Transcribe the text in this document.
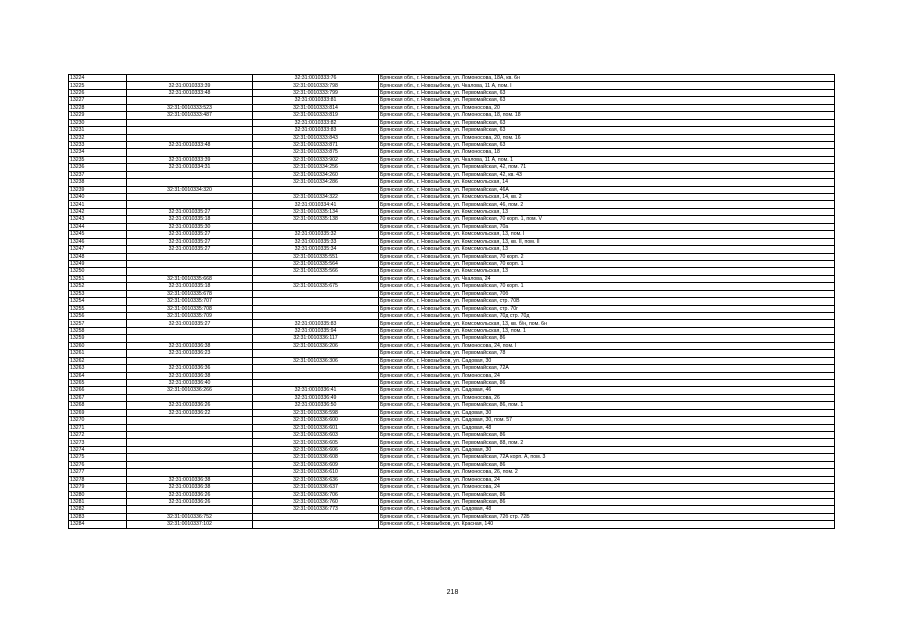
13224		32:31:0010333:76	Брянская обл., г. Новозыбков, ул. Ломоносова, 18А, кв. 6н
13225	32:31:0010333:39	32:31:0010333:798	Брянская обл., г. Новозыбков, ул. Чкалова, 11 А, пом. I
13226	32:31:0010333:48	32:31:0010333:799	Брянская обл., г. Новозыбков, ул. Первомайская, 63
13227		32:31:0010333:81	Брянская обл., г. Новозыбков, ул. Первомайская, 63
13228	32:31:0010333:523	32:31:0010333:814	Брянская обл., г. Новозыбков, ул. Ломоносова, 20
13229	32:31:0010333:487	32:31:0010333:819	Брянская обл., г. Новозыбков, ул. Ломоносова, 18, пом. 18
13230		32:31:0010333:82	Брянская обл., г. Новозыбков, ул. Первомайская, 63
13231		32:31:0010333:83	Брянская обл., г. Новозыбков, ул. Первомайская, 63
13232		32:31:0010333:843	Брянская обл., г. Новозыбков, ул. Ломоносова, 20, пом. 16
13233	32:31:0010333:48	32:31:0010333:871	Брянская обл., г. Новозыбков, ул. Первомайская, 63
13234		32:31:0010333:875	Брянская обл., г. Новозыбков, ул. Ломоносова, 18
13235	32:31:0010333:39	32:31:0010333:902	Брянская обл., г. Новозыбков, ул. Чкалова, 11 А, пом. 1
13236	32:31:0010334:31	32:31:0010334:256	Брянская обл., г. Новозыбков, ул. Первомайская, 42, пом. 71
13237		32:31:0010334:260	Брянская обл., г. Новозыбков, ул. Первомайская, 42, кв. 43
13238		32:31:0010334:286	Брянская обл., г. Новозыбков, ул. Комсомольская, 14
13239	32:31:0010334:320		Брянская обл., г. Новозыбков, ул. Первомайская, 46А
13240		32:31:0010334:322	Брянская обл., г. Новозыбков, ул. Комсомольская, 14, кв. 2
13241		32:31:0010334:41	Брянская обл., г. Новозыбков, ул. Первомайская, 46, пом. 2
13242	32:31:0010335:27	32:31:0010335:134	Брянская обл., г. Новозыбков, ул. Комсомольская, 13
13243	32:31:0010335:18	32:31:0010335:138	Брянская обл., г. Новозыбков, ул. Первомайская, 70 корп. 1, пом. V
13244	32:31:0010335:30		Брянская обл., г. Новозыбков, ул. Первомайская, 70а
13245	32:31:0010335:27	32:31:0010335:32	Брянская обл., г. Новозыбков, ул. Комсомольская, 13, пом. I
13246	32:31:0010335:27	32:31:0010335:33	Брянская обл., г. Новозыбков, ул. Комсомольская, 13, кв. II, пом. II
13247	32:31:0010335:27	32:31:0010335:34	Брянская обл., г. Новозыбков, ул. Комсомольская, 13
13248		32:31:0010335:551	Брянская обл., г. Новозыбков, ул. Первомайская, 70 корп. 2
13249		32:31:0010335:564	Брянская обл., г. Новозыбков, ул. Первомайская, 70 корп. 1
13250		32:31:0010335:566	Брянская обл., г. Новозыбков, ул. Комсомольская, 13
13251	32:31:0010335:668		Брянская обл., г. Новозыбков, ул. Чкалова, 24
13252	32:31:0010335:18	32:31:0010335:675	Брянская обл., г. Новозыбков, ул. Первомайская, 70 корп. 1
13253	32:31:0010335:678		Брянская обл., г. Новозыбков, ул. Первомайская, 70б
13254	32:31:0010335:707		Брянская обл., г. Новозыбков, ул. Первомайская, стр. 70В
13255	32:31:0010335:708		Брянская обл., г. Новозыбков, ул. Первомайская, стр. 70г
13256	32:31:0010335:709		Брянская обл., г. Новозыбков, ул. Первомайская, 70д стр. 70д
13257	32:31:0010335:27	32:31:0010335:83	Брянская обл., г. Новозыбков, ул. Комсомольская, 13, кв. б/н, пом. 6н
13258		32:31:0010335:94	Брянская обл., г. Новозыбков, ул. Комсомольская, 13, пом. 1
13259		32:31:0010336:117	Брянская обл., г. Новозыбков, ул. Первомайская, 86
13260	32:31:0010336:38	32:31:0010336:206	Брянская обл., г. Новозыбков, ул. Ломоносова, 24, пом. I
13261	32:31:0010336:23		Брянская обл., г. Новозыбков, ул. Первомайская, 78
13262		32:31:0010336:306	Брянская обл., г. Новозыбков, ул. Садовая, 30
13263	32:31:0010336:36		Брянская обл., г. Новозыбков, ул. Первомайская, 72А
13264	32:31:0010336:38		Брянская обл., г. Новозыбков, ул. Ломоносова, 24
13265	32:31:0010336:40		Брянская обл., г. Новозыбков, ул. Первомайская, 86
13266	32:31:0010336:266	32:31:0010336:41	Брянская обл., г. Новозыбков, ул. Садовая, 46
13267		32:31:0010336:49	Брянская обл., г. Новозыбков, ул. Ломоносова, 26
13268	32:31:0010336:26	32:31:0010336:50	Брянская обл., г. Новозыбков, ул. Первомайская, 86, пом. 1
13269	32:31:0010336:22	32:31:0010336:598	Брянская обл., г. Новозыбков, ул. Садовая, 30
13270		32:31:0010336:600	Брянская обл., г. Новозыбков, ул. Садовая, 30, пом. 57
13271		32:31:0010336:601	Брянская обл., г. Новозыбков, ул. Садовая, 48
13272		32:31:0010336:603	Брянская обл., г. Новозыбков, ул. Первомайская, 86
13273		32:31:0010336:605	Брянская обл., г. Новозыбков, ул. Первомайская, 88, пом. 2
13274		32:31:0010336:606	Брянская обл., г. Новозыбков, ул. Садовая, 30
13275		32:31:0010336:608	Брянская обл., г. Новозыбков, ул. Первомайская, 72А корп. А, пом. 3
13276		32:31:0010336:609	Брянская обл., г. Новозыбков, ул. Первомайская, 86
13277		32:31:0010336:610	Брянская обл., г. Новозыбков, ул. Ломоносова, 26, пом. 2
13278	32:31:0010336:38	32:31:0010336:636	Брянская обл., г. Новозыбков, ул. Ломоносова, 24
13279	32:31:0010336:38	32:31:0010336:637	Брянская обл., г. Новозыбков, ул. Ломоносова, 24
13280	32:31:0010336:26	32:31:0010336:706	Брянская обл., г. Новозыбков, ул. Первомайская, 86
13281	32:31:0010336:26	32:31:0010336:760	Брянская обл., г. Новозыбков, ул. Первомайская, 86
13282		32:31:0010336:773	Брянская обл., г. Новозыбков, ул. Садовая, 48
13283	32:31:0010336:752		Брянская обл., г. Новозыбков, ул. Первомайская, 72б стр. 72Б
13284	32:31:0010337:102		Брянская обл., г. Новозыбков, ул. Красная, 140
218
